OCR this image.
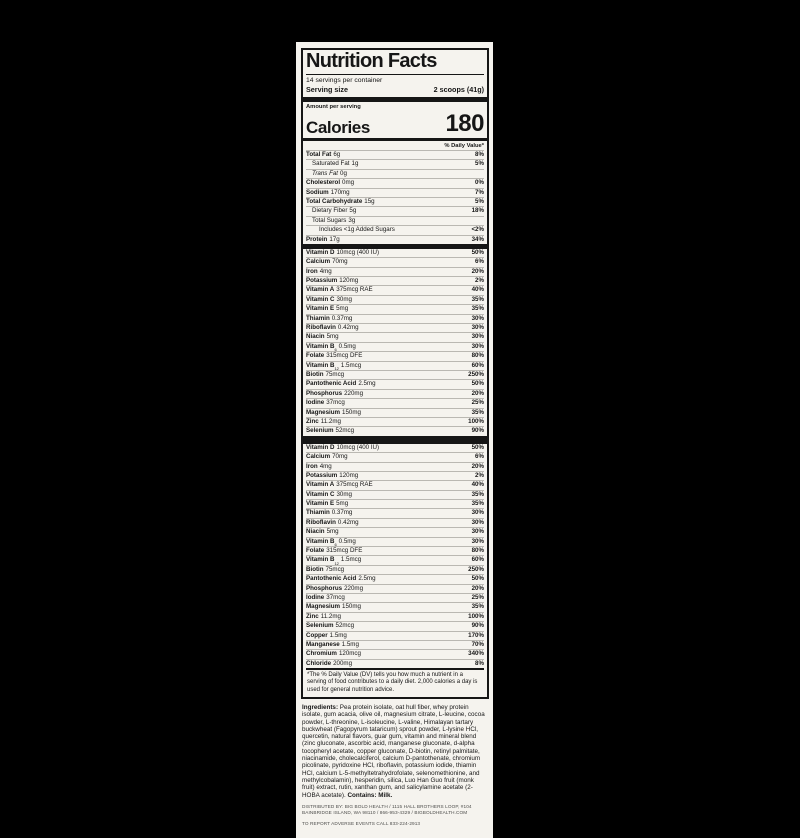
Nutrition Facts
14 servings per container
Serving size	2 scoops (41g)
Amount per serving
Calories	180
% Daily Value*
Total Fat 6g	8%
Saturated Fat 1g	5%
Trans Fat 0g
Cholesterol 0mg	0%
Sodium 170mg	7%
Total Carbohydrate 15g	5%
Dietary Fiber 5g	18%
Total Sugars 3g
Includes <1g Added Sugars	<2%
Protein 17g	34%
Vitamin D 10mcg (400 IU)	50%
Calcium 70mg	6%
Iron 4mg	20%
Potassium 120mg	2%
Vitamin A 375mcg RAE	40%
Vitamin C 30mg	35%
Vitamin E 5mg	35%
Thiamin 0.37mg	30%
Riboflavin 0.42mg	30%
Niacin 5mg	30%
Vitamin $B_6$ 0.5mg	30%
Folate 315mcg DFE	80%
Vitamin $B_{12}$ 1.5mcg	60%
Biotin 75mcg	250%
Pantothenic Acid 2.5mg	50%
Phosphorus 220mg	20%
Iodine 37mcg	25%
Magnesium 150mg	35%
Zinc 11.2mg	100%
Selenium 52mcg	90%
Vitamin D 10mcg (400 IU)	50%
Calcium 70mg	6%
Iron 4mg	20%
Potassium 120mg	2%
Vitamin A 375mcg RAE	40%
Vitamin C 30mg	35%
Vitamin E 5mg	35%
Thiamin 0.37mg	30%
Riboflavin 0.42mg	30%
Niacin 5mg	30%
Vitamin $B_6$ 0.5mg	30%
Folate 315mcg DFE	80%
Vitamin $B_{12}$ 1.5mcg	60%
Biotin 75mcg	250%
Pantothenic Acid 2.5mg	50%
Phosphorus 220mg	20%
Iodine 37mcg	25%
Magnesium 150mg	35%
Zinc 11.2mg	100%
Selenium 52mcg	90%
Copper 1.5mg	170%
Manganese 1.5mg	70%
Chromium 120mcg	340%
Chloride 200mg	8%
*The % Daily Value (DV) tells you how much a nutrient in a serving of food contributes to a daily diet. 2,000 calories a day is used for general nutrition advice.
Ingredients: Pea protein isolate, oat hull fiber, whey protein isolate, gum acacia, olive oil, magnesium citrate, L-leucine, cocoa powder, L-threonine, L-isoleucine, L-valine, Himalayan tartary buckwheat (Fagopyrum tataricum) sprout powder, L-lysine HCl, quercetin, natural flavors, guar gum, vitamin and mineral blend (zinc gluconate, ascorbic acid, manganese gluconate, d-alpha tocopheryl acetate, copper gluconate, D-biotin, retinyl palmitate, niacinamide, cholecalciferol, calcium D-pantothenate, chromium picolinate, pyridoxine HCl, riboflavin, potassium iodide, thiamin HCl, calcium L-5-methyltetrahydrofolate, selenomethionine, and methylcobalamin), hesperidin, silica, Luo Han Guo fruit (monk fruit) extract, rutin, xanthan gum, and salicylamine acetate (2-HOBA acetate). Contains: Milk.
DISTRIBUTED BY: BIG BOLD HEALTH / 1115 HALL BROTHERS LOOP, #104
BAINBRIDGE ISLAND, WA 98110 / 866-953-4329 / BIGBOLDHEALTH.COM
TO REPORT ADVERSE EVENTS CALL 833-224-2913
